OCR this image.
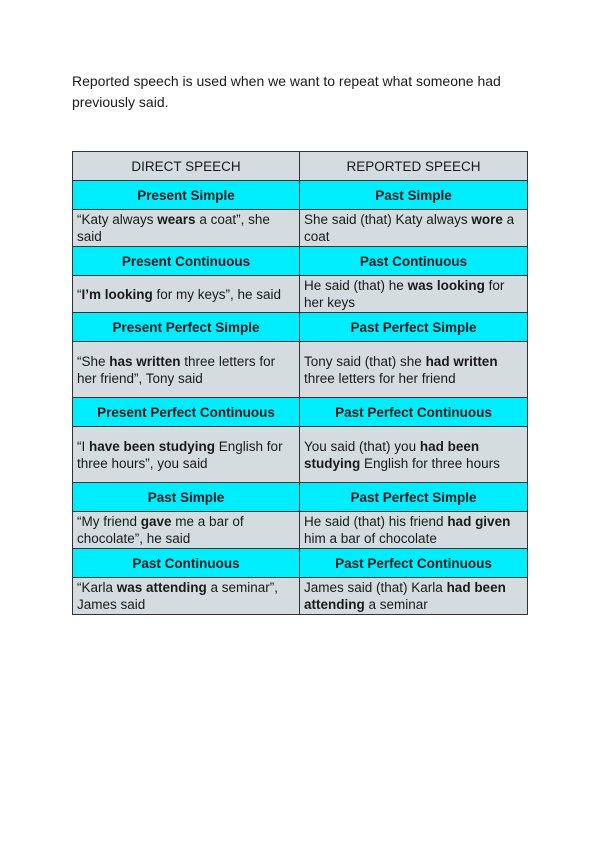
Reported speech is used when we want to repeat what someone had previously said.

DIRECT SPEECH	REPORTED SPEECH
Present Simple	Past Simple
“Katy always wears a coat”, she said	She said (that) Katy always wore a coat
Present Continuous	Past Continuous
“I’m looking for my keys”, he said	He said (that) he was looking for her keys
Present Perfect Simple	Past Perfect Simple
“She has written three letters for her friend”, Tony said	Tony said (that) she had written three letters for her friend
Present Perfect Continuous	Past Perfect Continuous
“I have been studying English for three hours”, you said	You said (that) you had been studying English for three hours
Past Simple	Past Perfect Simple
“My friend gave me a bar of chocolate”, he said	He said (that) his friend had given him a bar of chocolate
Past Continuous	Past Perfect Continuous
“Karla was attending a seminar”, James said	James said (that) Karla had been attending a seminar
